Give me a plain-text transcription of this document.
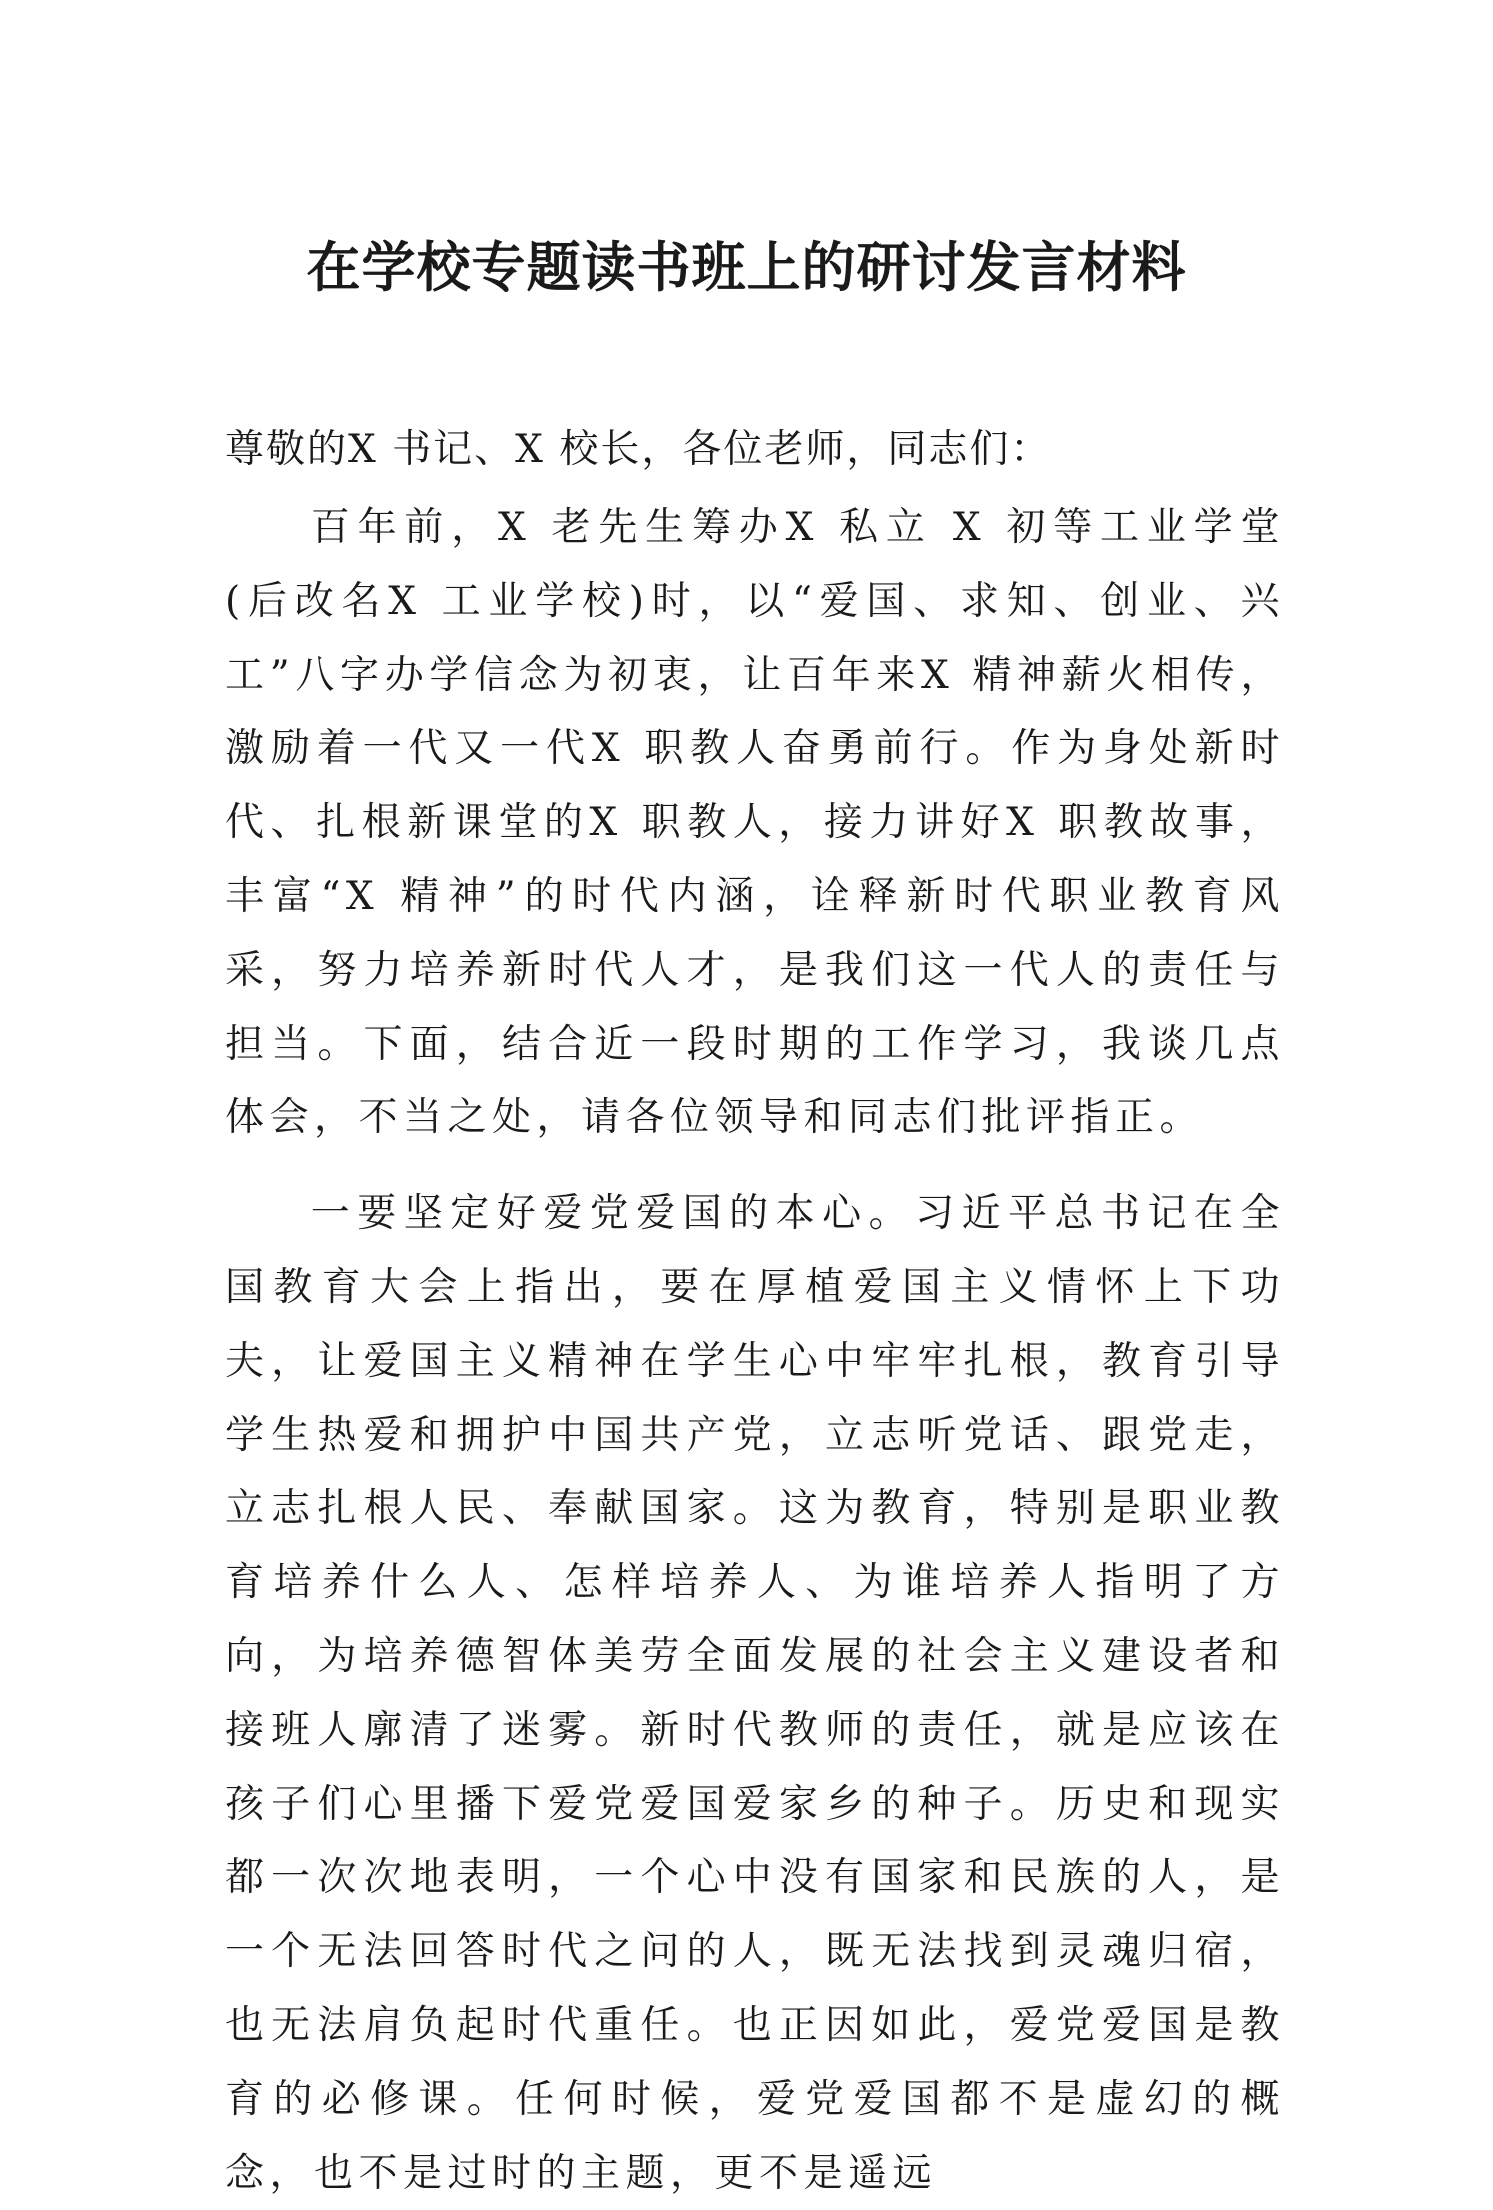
在学校专题读书班上的研讨发言材料

尊敬的X 书记、X 校长，各位老师，同志们：

百年前，X 老先生筹办X 私立 X 初等工业学堂(后改名X 工业学校)时，以“爱国、求知、创业、兴工”八字办学信念为初衷，让百年来X 精神薪火相传，激励着一代又一代X 职教人奋勇前行。作为身处新时代、扎根新课堂的X 职教人，接力讲好X 职教故事，丰富“X 精神”的时代内涵，诠释新时代职业教育风采，努力培养新时代人才，是我们这一代人的责任与担当。下面，结合近一段时期的工作学习，我谈几点体会，不当之处，请各位领导和同志们批评指正。

一要坚定好爱党爱国的本心。习近平总书记在全国教育大会上指出，要在厚植爱国主义情怀上下功夫，让爱国主义精神在学生心中牢牢扎根，教育引导学生热爱和拥护中国共产党，立志听党话、跟党走，立志扎根人民、奉献国家。这为教育，特别是职业教育培养什么人、怎样培养人、为谁培养人指明了方向，为培养德智体美劳全面发展的社会主义建设者和接班人廓清了迷雾。新时代教师的责任，就是应该在孩子们心里播下爱党爱国爱家乡的种子。历史和现实都一次次地表明，一个心中没有国家和民族的人，是一个无法回答时代之问的人，既无法找到灵魂归宿，也无法肩负起时代重任。也正因如此，爱党爱国是教育的必修课。任何时候，爱党爱国都不是虚幻的概念，也不是过时的主题，更不是遥远
